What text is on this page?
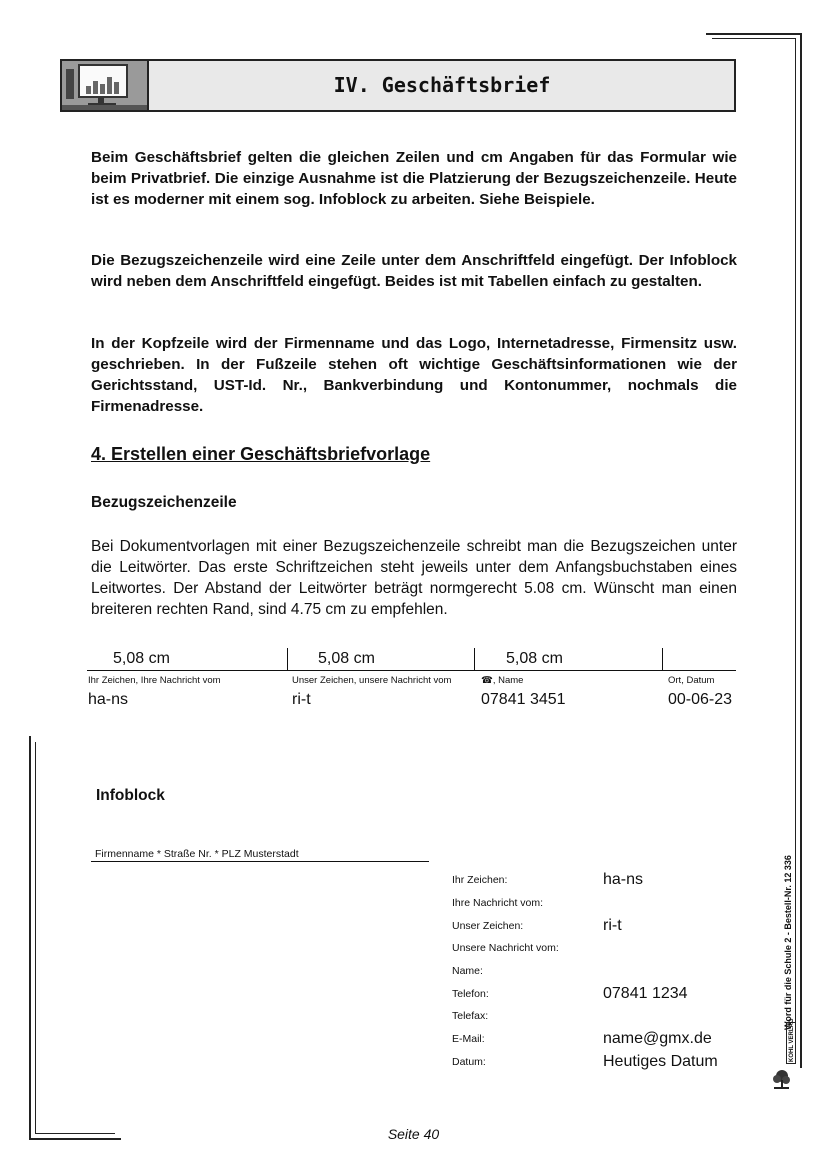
IV. Geschäftsbrief

Beim Geschäftsbrief gelten die gleichen Zeilen und cm Angaben für das Formular wie beim Privatbrief. Die einzige Ausnahme ist die Platzierung der Bezugszeichenzeile. Heute ist es moderner mit einem sog. Infoblock zu arbeiten. Siehe Beispiele.

Die Bezugszeichenzeile wird eine Zeile unter dem Anschriftfeld eingefügt. Der Infoblock wird neben dem Anschriftfeld eingefügt. Beides ist mit Tabellen einfach zu gestalten.

In der Kopfzeile wird der Firmenname und das Logo, Internetadresse, Firmensitz usw. geschrieben. In der Fußzeile stehen oft wichtige Geschäftsinformationen wie der Gerichtsstand, UST-Id. Nr., Bankverbindung und Kontonummer, nochmals die Firmenadresse.

4. Erstellen einer Geschäftsbriefvorlage
Bezugszeichenzeile

Bei Dokumentvorlagen mit einer Bezugszeichenzeile schreibt man die Bezugszeichen unter die Leitwörter. Das erste Schriftzeichen steht jeweils unter dem Anfangsbuchstaben eines Leitwortes. Der Abstand der Leitwörter beträgt normgerecht 5.08 cm. Wünscht man einen breiteren rechten Rand, sind 4.75 cm zu empfehlen.

5,08 cm	5,08 cm	5,08 cm
Ihr Zeichen, Ihre Nachricht vom	Unser Zeichen, unsere Nachricht vom	☎, Name	Ort, Datum
ha-ns	ri-t	07841 3451	00-06-23
Infoblock
Firmenname * Straße Nr. * PLZ Musterstadt
Ihr Zeichen:	ha-ns
Ihre Nachricht vom:
Unser Zeichen:	ri-t
Unsere Nachricht vom:
Name:
Telefon:	07841 1234
Telefax:
E-Mail:	name@gmx.de
Datum:	Heutiges Datum
Word für die Schule 2 - Bestell-Nr. 12 336
KOHL VERLAG
Seite 40
